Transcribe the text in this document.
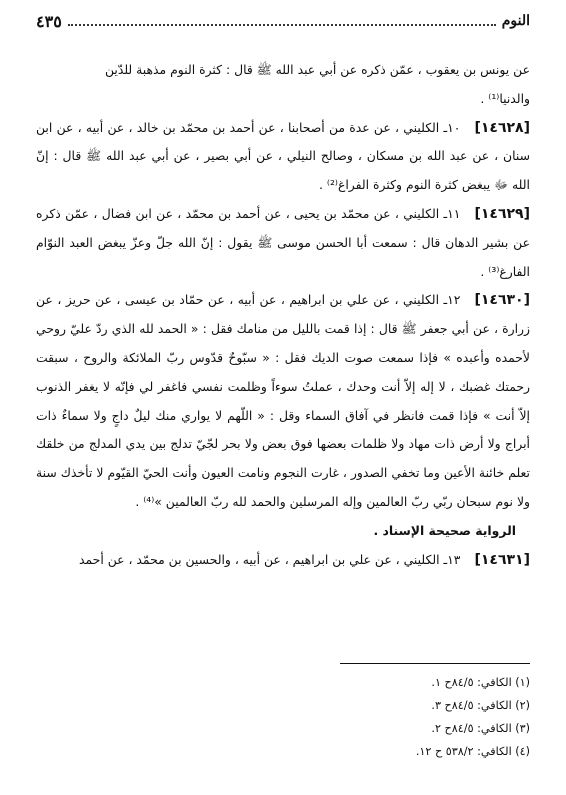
النوم
٤٣٥

عن يونس بن يعقوب ، عمّن ذكره عن أبي عبد الله ﷺ قال : كثرة النوم مذهبة للدّين
والدنيا⁽¹⁾ .

[١٤٦٢٨]
١٠ـ الكليني ، عن عدة من أصحابنا ، عن أحمد بن محمّد بن خالد ، عن أبيه ، عن ابن سنان ، عن عبد الله بن مسكان ، وصالح النيلي ، عن أبي بصير ، عن أبي عبد الله ﷺ قال : إنّ الله ﷻ يبغض كثرة النوم وكثرة الفراغ⁽²⁾ .

[١٤٦٢٩]
١١ـ الكليني ، عن محمّد بن يحيى ، عن أحمد بن محمّد ، عن ابن فضال ، عمّن ذكره عن بشير الدهان قال : سمعت أبا الحسن موسى ﷺ يقول : إنّ الله جلّ وعزّ يبغض العبد النوّام الفارغ⁽³⁾ .

[١٤٦٣٠]
١٢ـ الكليني ، عن علي بن ابراهيم ، عن أبيه ، عن حمّاد بن عيسى ، عن حريز ، عن زرارة ، عن أبي جعفر ﷺ قال : إذا قمت بالليل من منامك فقل : « الحمد لله الذي ردّ عليّ روحي لأحمده وأعبده » فإذا سمعت صوت الديك فقل : « سبّوحٌ قدّوس ربّ الملائكة والروح ، سبقت رحمتك غضبك ، لا إله إلاّ أنت وحدك ، عملتُ سوءاً وظلمت نفسي فاغفر لي فإنّه لا يغفر الذنوب إلاّ أنت » فإذا قمت فانظر في آفاق السماء وقل : « اللّهم لا يواري منك ليلٌ داجٍ ولا سماءٌ ذات أبراج ولا أرض ذات مهاد ولا ظلمات بعضها فوق بعض ولا بحر لجّيّ تدلج بين يدي المدلج من خلقك تعلم خائنة الأعين وما تخفي الصدور ، غارت النجوم ونامت العيون وأنت الحيّ القيّوم لا تأخذك سنة ولا نوم سبحان ربّي ربّ العالمين وإله المرسلين والحمد لله ربّ العالمين »⁽⁴⁾ .

الرواية صحيحة الإسناد .

[١٤٦٣١]
١٣ـ الكليني ، عن علي بن ابراهيم ، عن أبيه ، والحسين بن محمّد ، عن أحمد

(١) الكافي: ٨٤/٥ح ١.
(٢) الكافي: ٨٤/٥ح ٣.
(٣) الكافي: ٨٤/٥ح ٢.
(٤) الكافي: ٥٣٨/٢ ح ١٢.
